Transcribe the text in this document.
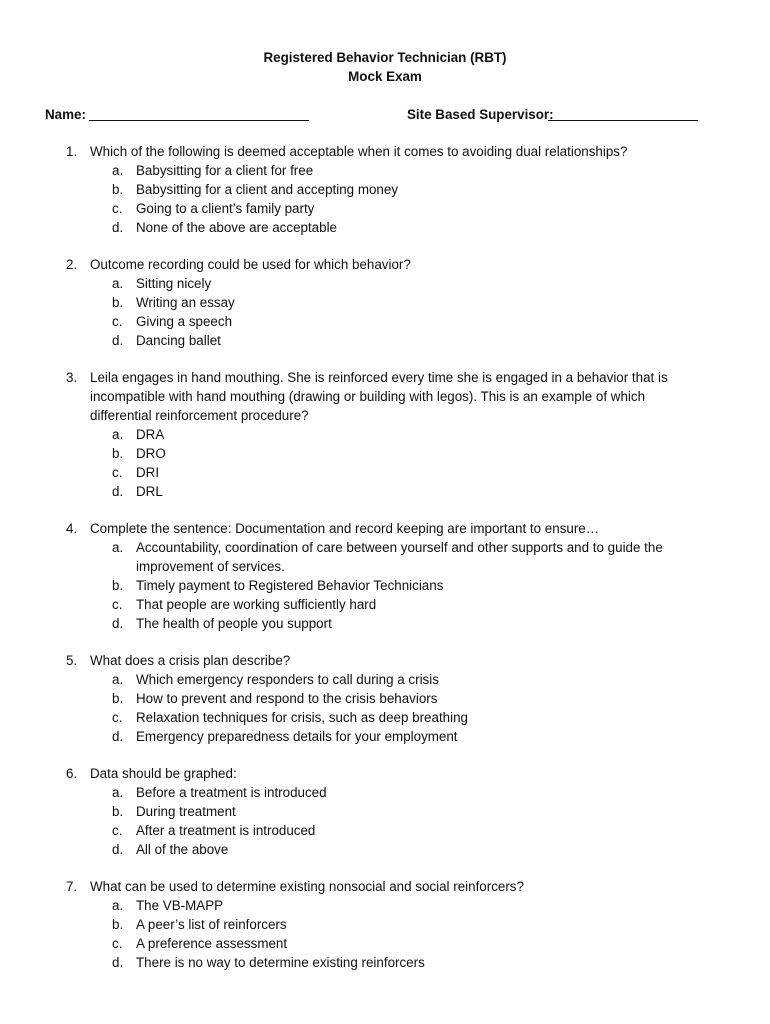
Registered Behavior Technician (RBT)
Mock Exam
Name:	Site Based Supervisor:
1. Which of the following is deemed acceptable when it comes to avoiding dual relationships?
a. Babysitting for a client for free
b. Babysitting for a client and accepting money
c. Going to a client’s family party
d. None of the above are acceptable
2. Outcome recording could be used for which behavior?
a. Sitting nicely
b. Writing an essay
c. Giving a speech
d. Dancing ballet
3. Leila engages in hand mouthing. She is reinforced every time she is engaged in a behavior that is incompatible with hand mouthing (drawing or building with legos). This is an example of which differential reinforcement procedure?
a. DRA
b. DRO
c. DRI
d. DRL
4. Complete the sentence: Documentation and record keeping are important to ensure…
a. Accountability, coordination of care between yourself and other supports and to guide the improvement of services.
b. Timely payment to Registered Behavior Technicians
c. That people are working sufficiently hard
d. The health of people you support
5. What does a crisis plan describe?
a. Which emergency responders to call during a crisis
b. How to prevent and respond to the crisis behaviors
c. Relaxation techniques for crisis, such as deep breathing
d. Emergency preparedness details for your employment
6. Data should be graphed:
a. Before a treatment is introduced
b. During treatment
c. After a treatment is introduced
d. All of the above
7. What can be used to determine existing nonsocial and social reinforcers?
a. The VB-MAPP
b. A peer’s list of reinforcers
c. A preference assessment
d. There is no way to determine existing reinforcers
